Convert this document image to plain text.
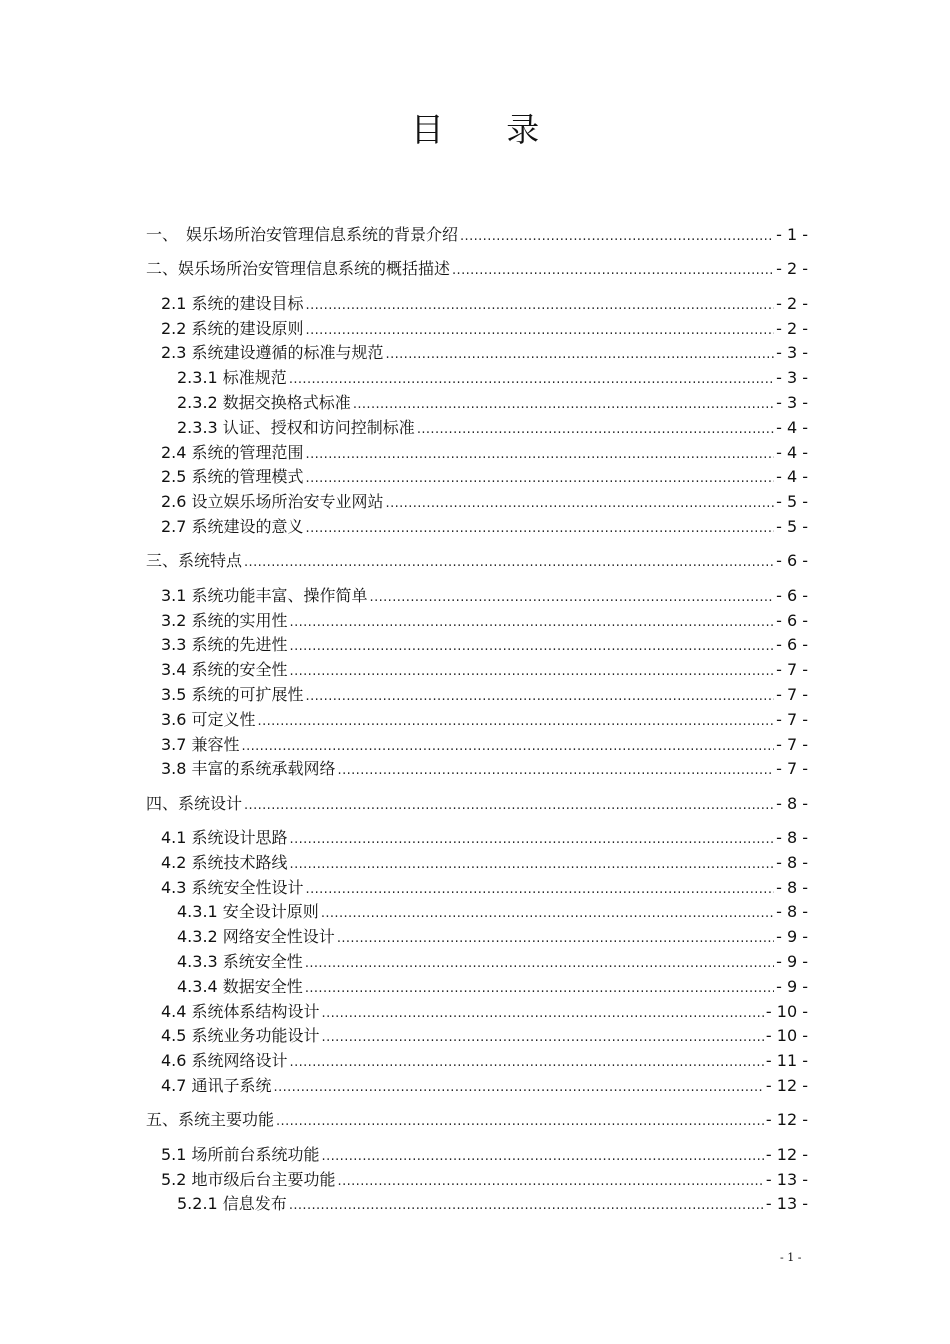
目 录
一、　娱乐场所治安管理信息系统的背景介绍 .....	- 1 -
二、娱乐场所治安管理信息系统的概括描述 .....	- 2 -
2.1 系统的建设目标 .....	- 2 -
2.2 系统的建设原则 .....	- 2 -
2.3 系统建设遵循的标准与规范 .....	- 3 -
2.3.1 标准规范 .....	- 3 -
2.3.2 数据交换格式标准 .....	- 3 -
2.3.3 认证、授权和访问控制标准 .....	- 4 -
2.4 系统的管理范围 .....	- 4 -
2.5 系统的管理模式 .....	- 4 -
2.6 设立娱乐场所治安专业网站 .....	- 5 -
2.7 系统建设的意义 .....	- 5 -
三、系统特点 .....	- 6 -
3.1 系统功能丰富、操作简单 .....	- 6 -
3.2 系统的实用性 .....	- 6 -
3.3 系统的先进性 .....	- 6 -
3.4 系统的安全性 .....	- 7 -
3.5 系统的可扩展性 .....	- 7 -
3.6 可定义性 .....	- 7 -
3.7 兼容性 .....	- 7 -
3.8 丰富的系统承载网络 .....	- 7 -
四、系统设计 .....	- 8 -
4.1 系统设计思路 .....	- 8 -
4.2 系统技术路线 .....	- 8 -
4.3 系统安全性设计 .....	- 8 -
4.3.1 安全设计原则 .....	- 8 -
4.3.2 网络安全性设计 .....	- 9 -
4.3.3 系统安全性 .....	- 9 -
4.3.4 数据安全性 .....	- 9 -
4.4 系统体系结构设计 .....	- 10 -
4.5 系统业务功能设计 .....	- 10 -
4.6 系统网络设计 .....	- 11 -
4.7 通讯子系统 .....	- 12 -
五、系统主要功能 .....	- 12 -
5.1 场所前台系统功能 .....	- 12 -
5.2 地市级后台主要功能 .....	- 13 -
5.2.1 信息发布 .....	- 13 -
- 1 -
